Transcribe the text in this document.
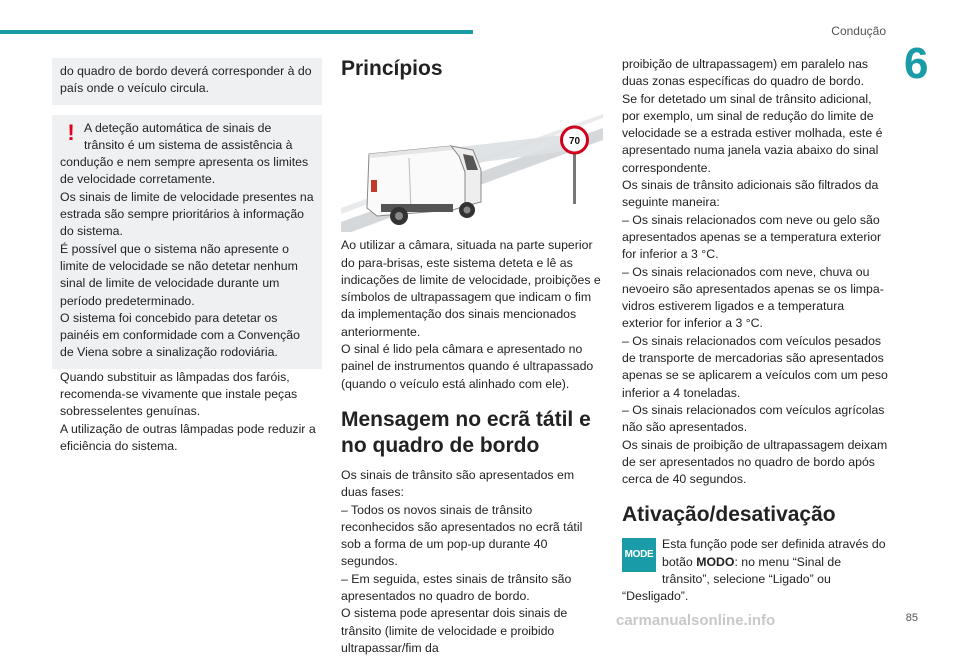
Condução
6

do quadro de bordo deverá corresponder à do país onde o veículo circula.

! A deteção automática de sinais de trânsito é um sistema de assistência à condução e nem sempre apresenta os limites de velocidade corretamente.
Os sinais de limite de velocidade presentes na estrada são sempre prioritários à informação do sistema.
É possível que o sistema não apresente o limite de velocidade se não detetar nenhum sinal de limite de velocidade durante um período predeterminado.
O sistema foi concebido para detetar os painéis em conformidade com a Convenção de Viena sobre a sinalização rodoviária.

Quando substituir as lâmpadas dos faróis, recomenda-se vivamente que instale peças sobresselentes genuínas.
A utilização de outras lâmpadas pode reduzir a eficiência do sistema.

Princípios
70

Ao utilizar a câmara, situada na parte superior do para-brisas, este sistema deteta e lê as indicações de limite de velocidade, proibições e símbolos de ultrapassagem que indicam o fim da implementação dos sinais mencionados anteriormente.
O sinal é lido pela câmara e apresentado no painel de instrumentos quando é ultrapassado (quando o veículo está alinhado com ele).

Mensagem no ecrã tátil e no quadro de bordo

Os sinais de trânsito são apresentados em duas fases:
– Todos os novos sinais de trânsito reconhecidos são apresentados no ecrã tátil sob a forma de um pop-up durante 40 segundos.
– Em seguida, estes sinais de trânsito são apresentados no quadro de bordo.
O sistema pode apresentar dois sinais de trânsito (limite de velocidade e proibido ultrapassar/fim da

proibição de ultrapassagem) em paralelo nas duas zonas específicas do quadro de bordo.
Se for detetado um sinal de trânsito adicional, por exemplo, um sinal de redução do limite de velocidade se a estrada estiver molhada, este é apresentado numa janela vazia abaixo do sinal correspondente.
Os sinais de trânsito adicionais são filtrados da seguinte maneira:
– Os sinais relacionados com neve ou gelo são apresentados apenas se a temperatura exterior for inferior a 3 °C.
– Os sinais relacionados com neve, chuva ou nevoeiro são apresentados apenas se os limpa-vidros estiverem ligados e a temperatura exterior for inferior a 3 °C.
– Os sinais relacionados com veículos pesados de transporte de mercadorias são apresentados apenas se se aplicarem a veículos com um peso inferior a 4 toneladas.
– Os sinais relacionados com veículos agrícolas não são apresentados.
Os sinais de proibição de ultrapassagem deixam de ser apresentados no quadro de bordo após cerca de 40 segundos.

Ativação/desativação
MODE

Esta função pode ser definida através do botão MODO: no menu “Sinal de trânsito”, selecione “Ligado” ou “Desligado”.

carmanualsonline.info	85
